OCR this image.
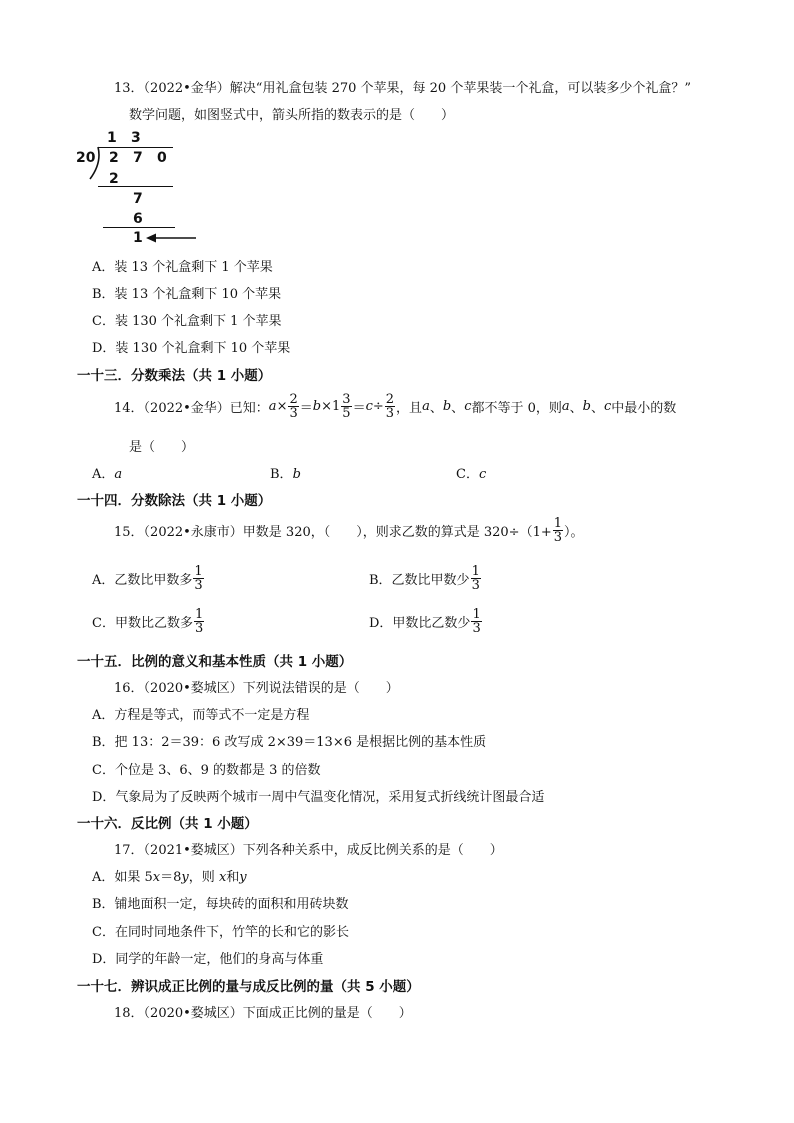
13．（2022•金华）解决“用礼盒包装 270 个苹果，每 20 个苹果装一个礼盒，可以装多少个礼盒？”
数学问题，如图竖式中，箭头所指的数表示的是（　　）
1 3
20 2 7 0
2
7
6
1
A．装 13 个礼盒剩下 1 个苹果
B．装 13 个礼盒剩下 10 个苹果
C．装 130 个礼盒剩下 1 个苹果
D．装 130 个礼盒剩下 10 个苹果
一十三．分数乘法（共 1 小题）
14．（2022•金华）已知： $a \times \frac{2}{3} = b \times 1 \frac{3}{5} = c \div \frac{2}{3}$ ，且 a 、 b 、 c 都不等于 0，则 a 、 b 、 c 中最小的数
是（　　）
A．a	B．b	C．c
一十四．分数除法（共 1 小题）
15．（2022•永康市）甲数是 320，（　　），则求乙数的算式是 $320\div(1+ \frac{1}{3}$ ）。
A．乙数比甲数多 $\frac{1}{3}$	B．乙数比甲数少 $\frac{1}{3}$
C．甲数比乙数多 $\frac{1}{3}$	D．甲数比乙数少 $\frac{1}{3}$
一十五．比例的意义和基本性质（共 1 小题）
16．（2020•婺城区）下列说法错误的是（　　）
A．方程是等式，而等式不一定是方程
B．把 13：2＝39：6 改写成 2×39＝13×6 是根据比例的基本性质
C．个位是 3、6、9 的数都是 3 的倍数
D．气象局为了反映两个城市一周中气温变化情况，采用复式折线统计图最合适
一十六．反比例（共 1 小题）
17．（2021•婺城区）下列各种关系中，成反比例关系的是（　　）
A．如果 5x＝8y，则 x和y
B．铺地面积一定，每块砖的面积和用砖块数
C．在同时同地条件下，竹竿的长和它的影长
D．同学的年龄一定，他们的身高与体重
一十七．辨识成正比例的量与成反比例的量（共 5 小题）
18．（2020•婺城区）下面成正比例的量是（　　）
